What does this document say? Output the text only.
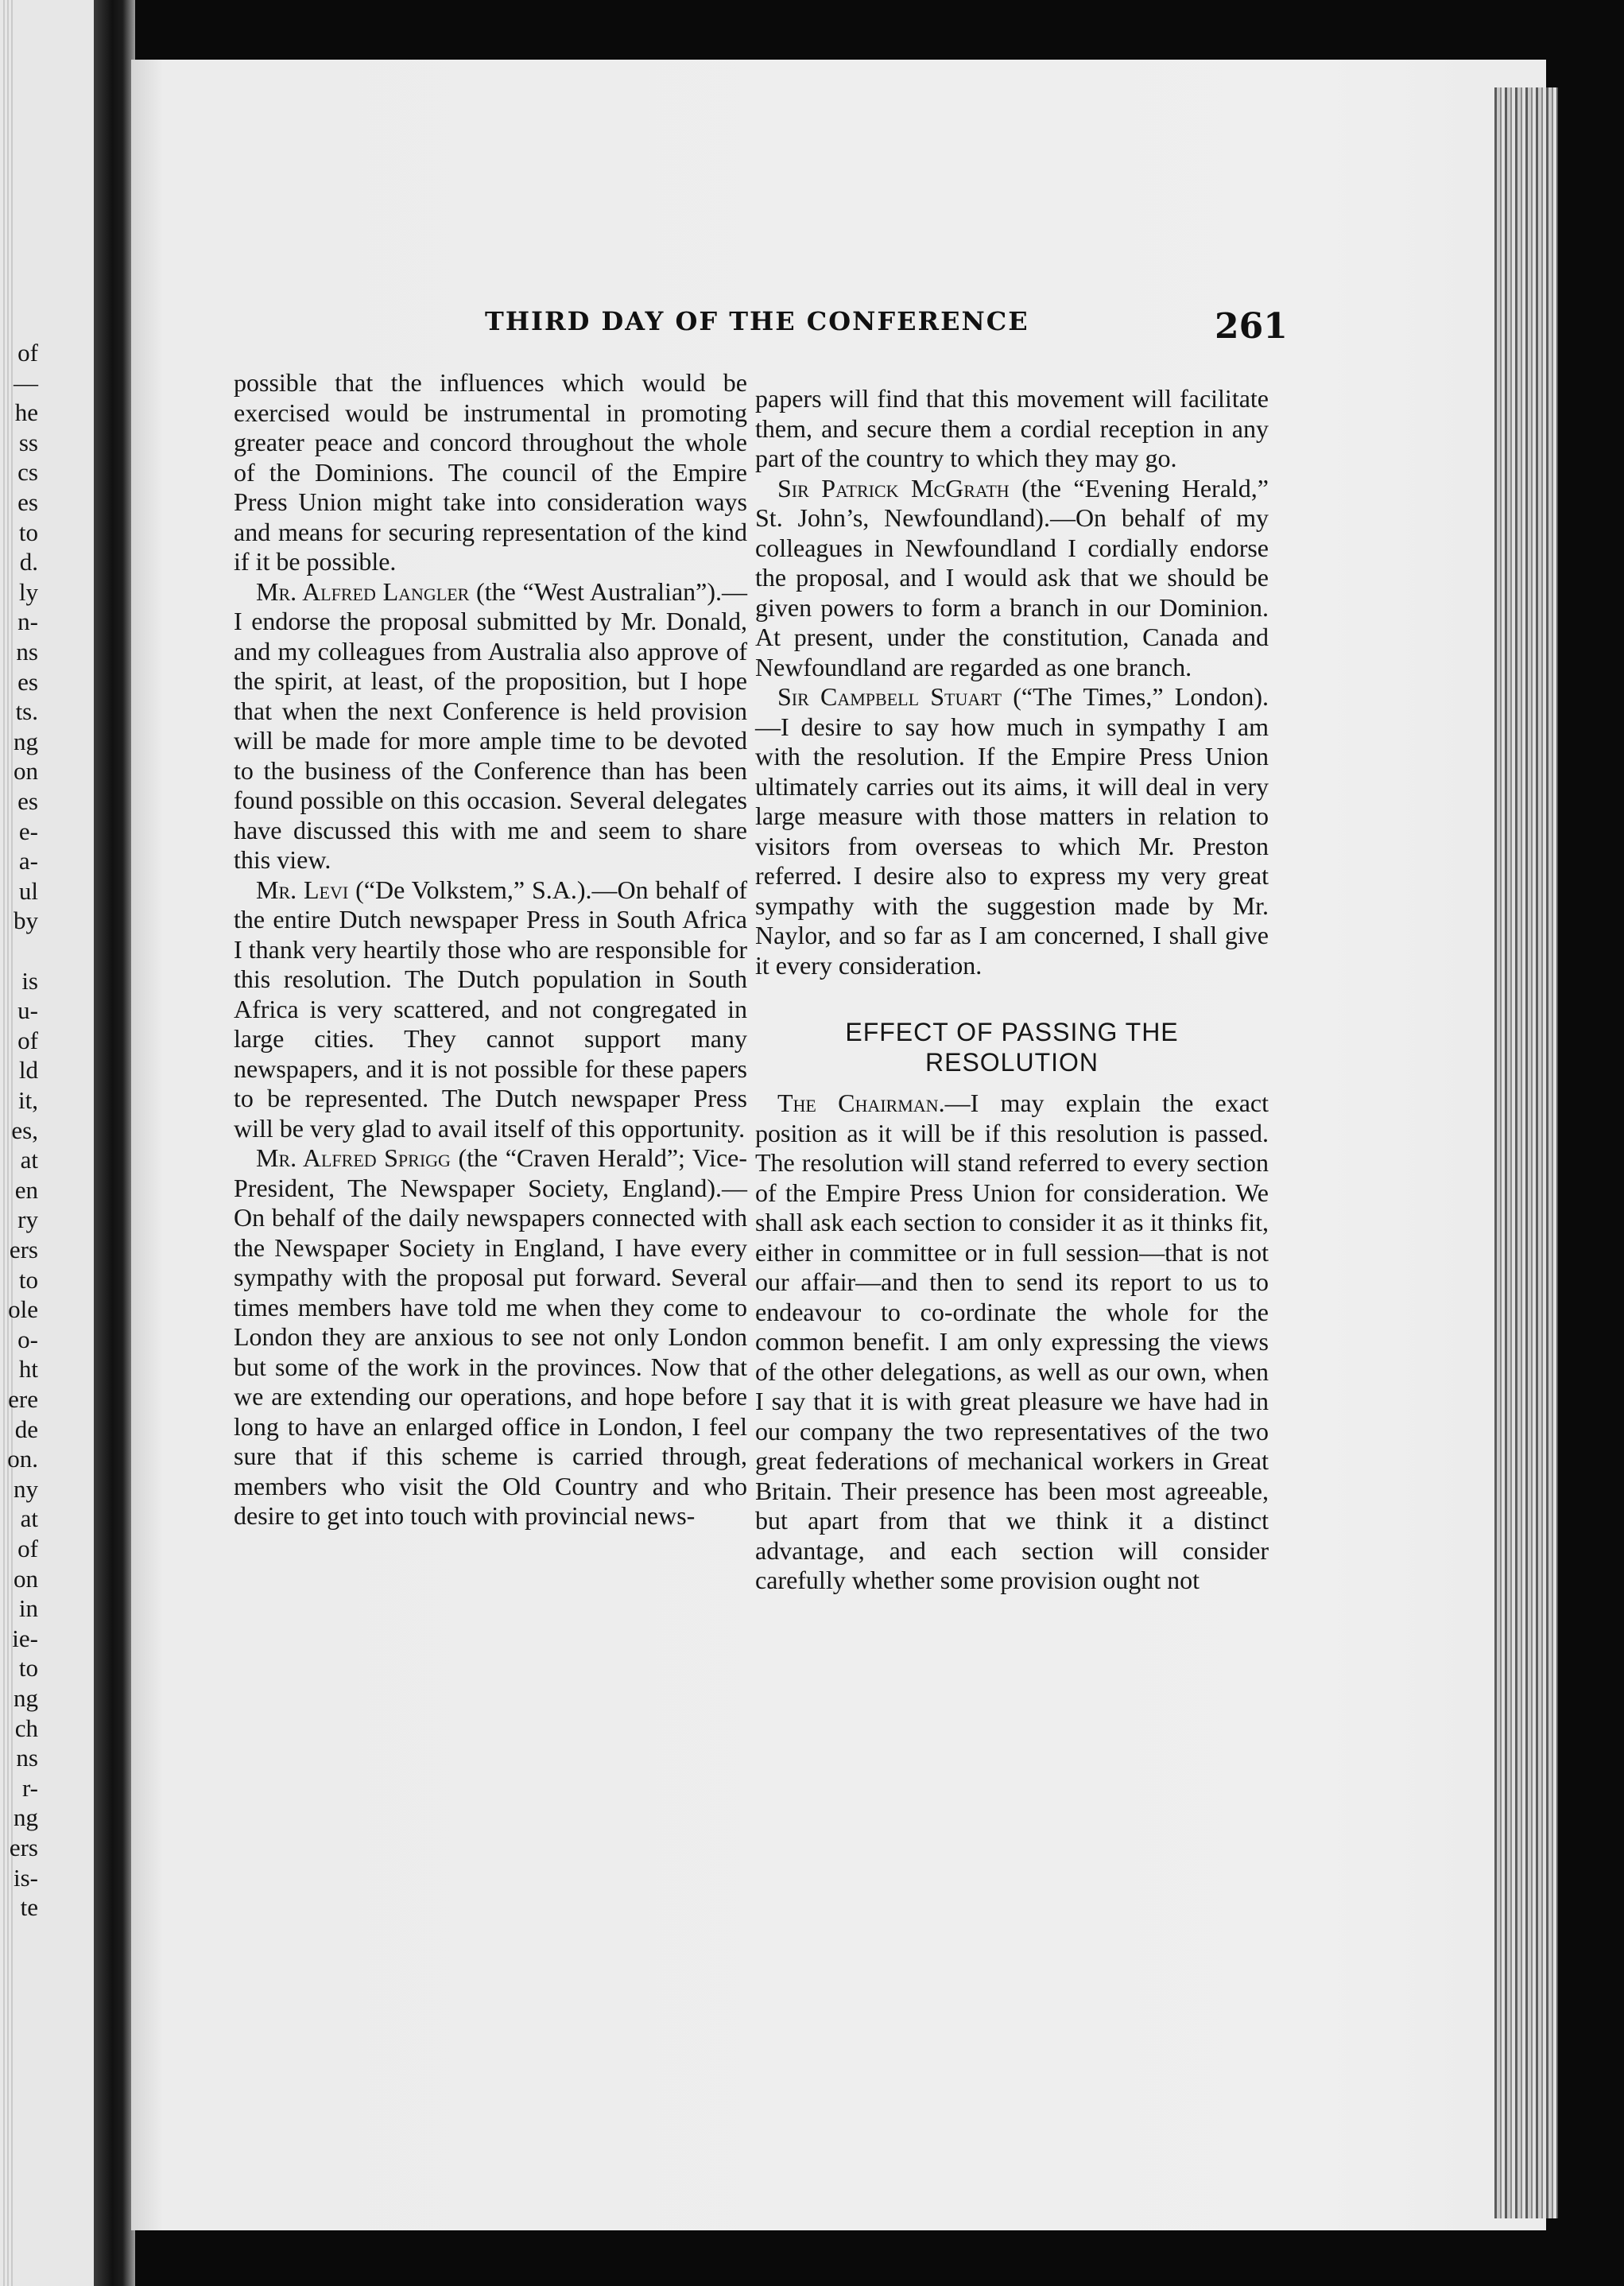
of
—
he
ss
cs
es
to
d.
ly
n-
ns
es
ts.
ng
on
es
e-
a-
ul
by
is
u-
of
ld
it,
es,
at
en
ry
ers
to
ole
o-
ht
ere
de
on.
ny
at
of
on
in
ie-
to
ng
ch
ns
r-
ng
ers
is-
te
THIRD DAY OF THE CONFERENCE	261

possible that the influences which would be exercised would be instrumental in promoting greater peace and concord throughout the whole of the Dominions. The council of the Empire Press Union might take into consideration ways and means for securing representation of the kind if it be possible.

Mr. Alfred Langler (the “West Australian”).—I endorse the proposal submitted by Mr. Donald, and my colleagues from Australia also approve of the spirit, at least, of the proposition, but I hope that when the next Conference is held provision will be made for more ample time to be devoted to the business of the Conference than has been found possible on this occasion. Several delegates have discussed this with me and seem to share this view.

Mr. Levi (“De Volkstem,” S.A.).—On behalf of the entire Dutch newspaper Press in South Africa I thank very heartily those who are responsible for this resolution. The Dutch population in South Africa is very scattered, and not congregated in large cities. They cannot support many newspapers, and it is not possible for these papers to be represented. The Dutch newspaper Press will be very glad to avail itself of this opportunity.

Mr. Alfred Sprigg (the “Craven Herald”; Vice-President, The Newspaper Society, England).—On behalf of the daily newspapers connected with the Newspaper Society in England, I have every sympathy with the proposal put forward. Several times members have told me when they come to London they are anxious to see not only London but some of the work in the provinces. Now that we are extending our operations, and hope before long to have an enlarged office in London, I feel sure that if this scheme is carried through, members who visit the Old Country and who desire to get into touch with provincial news-

papers will find that this movement will facilitate them, and secure them a cordial reception in any part of the country to which they may go.

Sir Patrick McGrath (the “Evening Herald,” St. John’s, Newfoundland).—On behalf of my colleagues in Newfoundland I cordially endorse the proposal, and I would ask that we should be given powers to form a branch in our Dominion. At present, under the constitution, Canada and Newfoundland are regarded as one branch.

Sir Campbell Stuart (“The Times,” London).—I desire to say how much in sympathy I am with the resolution. If the Empire Press Union ultimately carries out its aims, it will deal in very large measure with those matters in relation to visitors from overseas to which Mr. Preston referred. I desire also to express my very great sympathy with the suggestion made by Mr. Naylor, and so far as I am concerned, I shall give it every consideration.

EFFECT OF PASSING THE
RESOLUTION

The Chairman.—I may explain the exact position as it will be if this resolution is passed. The resolution will stand referred to every section of the Empire Press Union for consideration. We shall ask each section to consider it as it thinks fit, either in committee or in full session—that is not our affair—and then to send its report to us to endeavour to co-ordinate the whole for the common benefit. I am only expressing the views of the other delegations, as well as our own, when I say that it is with great pleasure we have had in our company the two representatives of the two great federations of mechanical workers in Great Britain. Their presence has been most agreeable, but apart from that we think it a distinct advantage, and each section will consider carefully whether some provision ought not
